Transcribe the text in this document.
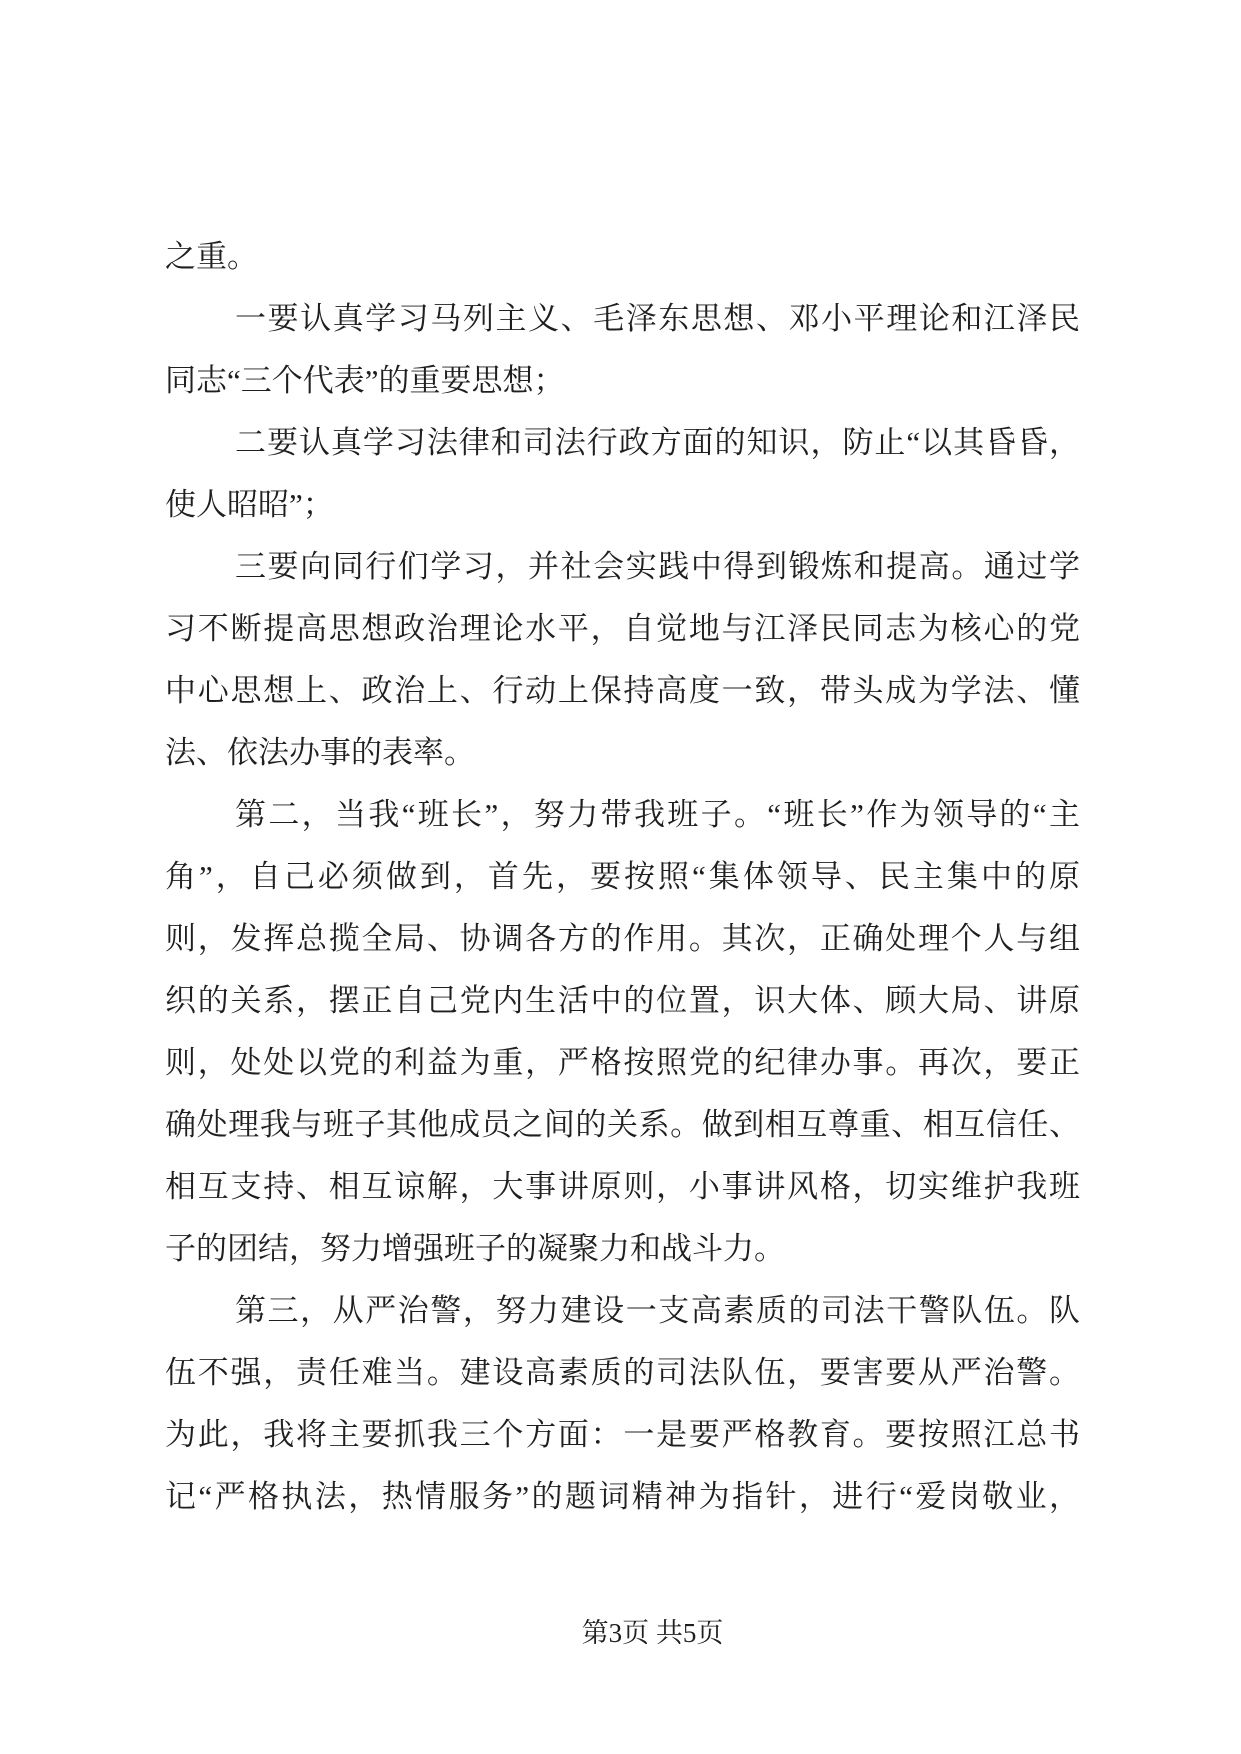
之重。
一要认真学习马列主义、毛泽东思想、邓小平理论和江泽民
同志“三个代表”的重要思想；
二要认真学习法律和司法行政方面的知识，防止“以其昏昏，
使人昭昭”；
三要向同行们学习，并社会实践中得到锻炼和提高。通过学
习不断提高思想政治理论水平，自觉地与江泽民同志为核心的党
中心思想上、政治上、行动上保持高度一致，带头成为学法、懂
法、依法办事的表率。
第二，当我“班长”，努力带我班子。“班长”作为领导的“主
角”，自己必须做到，首先，要按照“集体领导、民主集中的原
则，发挥总揽全局、协调各方的作用。其次，正确处理个人与组
织的关系，摆正自己党内生活中的位置，识大体、顾大局、讲原
则，处处以党的利益为重，严格按照党的纪律办事。再次，要正
确处理我与班子其他成员之间的关系。做到相互尊重、相互信任、
相互支持、相互谅解，大事讲原则，小事讲风格，切实维护我班
子的团结，努力增强班子的凝聚力和战斗力。
第三，从严治警，努力建设一支高素质的司法干警队伍。队
伍不强，责任难当。建设高素质的司法队伍，要害要从严治警。
为此，我将主要抓我三个方面：一是要严格教育。要按照江总书
记“严格执法，热情服务”的题词精神为指针，进行“爱岗敬业，
第3页 共5页
